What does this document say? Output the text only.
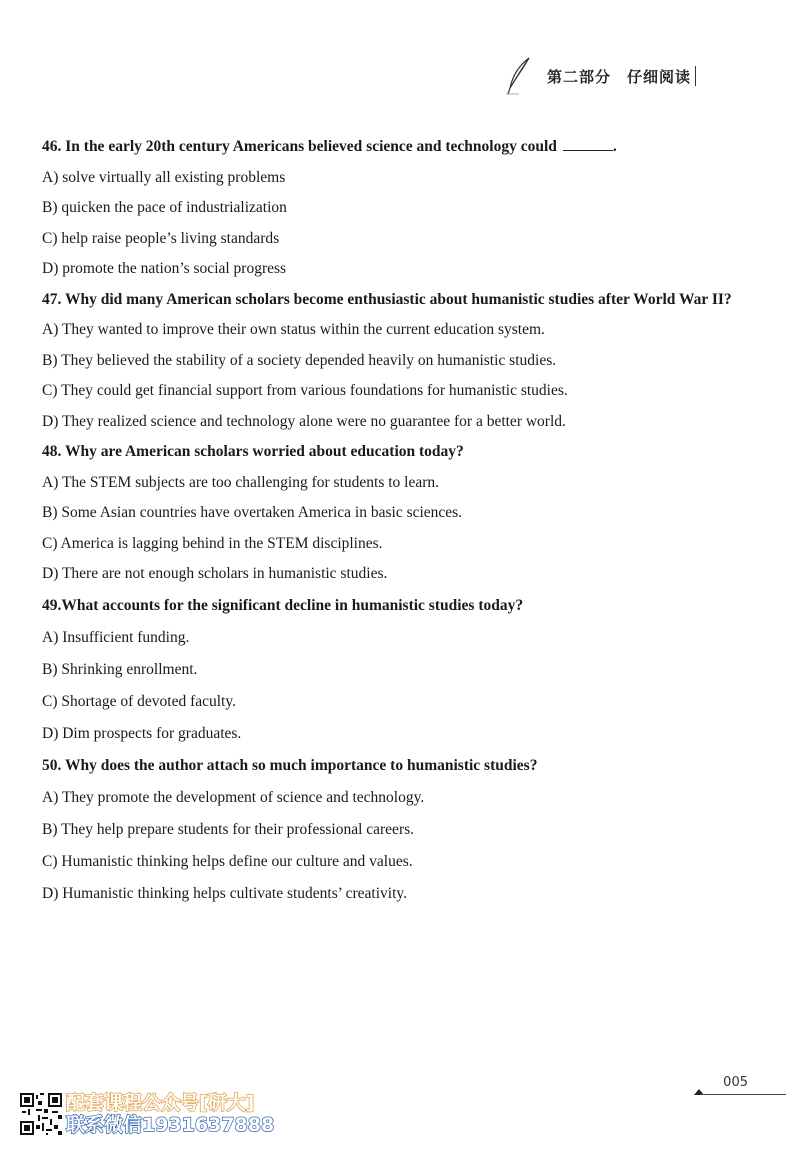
第二部分 仔细阅读

46. In the early 20th century Americans believed science and technology could	.

A) solve virtually all existing problems

B) quicken the pace of industrialization

C) help raise people’s living standards

D) promote the nation’s social progress

47. Why did many American scholars become enthusiastic about humanistic studies after World War II?

A) They wanted to improve their own status within the current education system.

B) They believed the stability of a society depended heavily on humanistic studies.

C) They could get financial support from various foundations for humanistic studies.

D) They realized science and technology alone were no guarantee for a better world.

48. Why are American scholars worried about education today?

A) The STEM subjects are too challenging for students to learn.

B) Some Asian countries have overtaken America in basic sciences.

C) America is lagging behind in the STEM disciplines.

D) There are not enough scholars in humanistic studies.

49.What accounts for the significant decline in humanistic studies today?

A) Insufficient funding.

B) Shrinking enrollment.

C) Shortage of devoted faculty.

D) Dim prospects for graduates.

50. Why does the author attach so much importance to humanistic studies?

A) They promote the development of science and technology.

B) They help prepare students for their professional careers.

C) Humanistic thinking helps define our culture and values.

D) Humanistic thinking helps cultivate students’ creativity.

配套课程公众号[研大]
联系微信1931637888
005
